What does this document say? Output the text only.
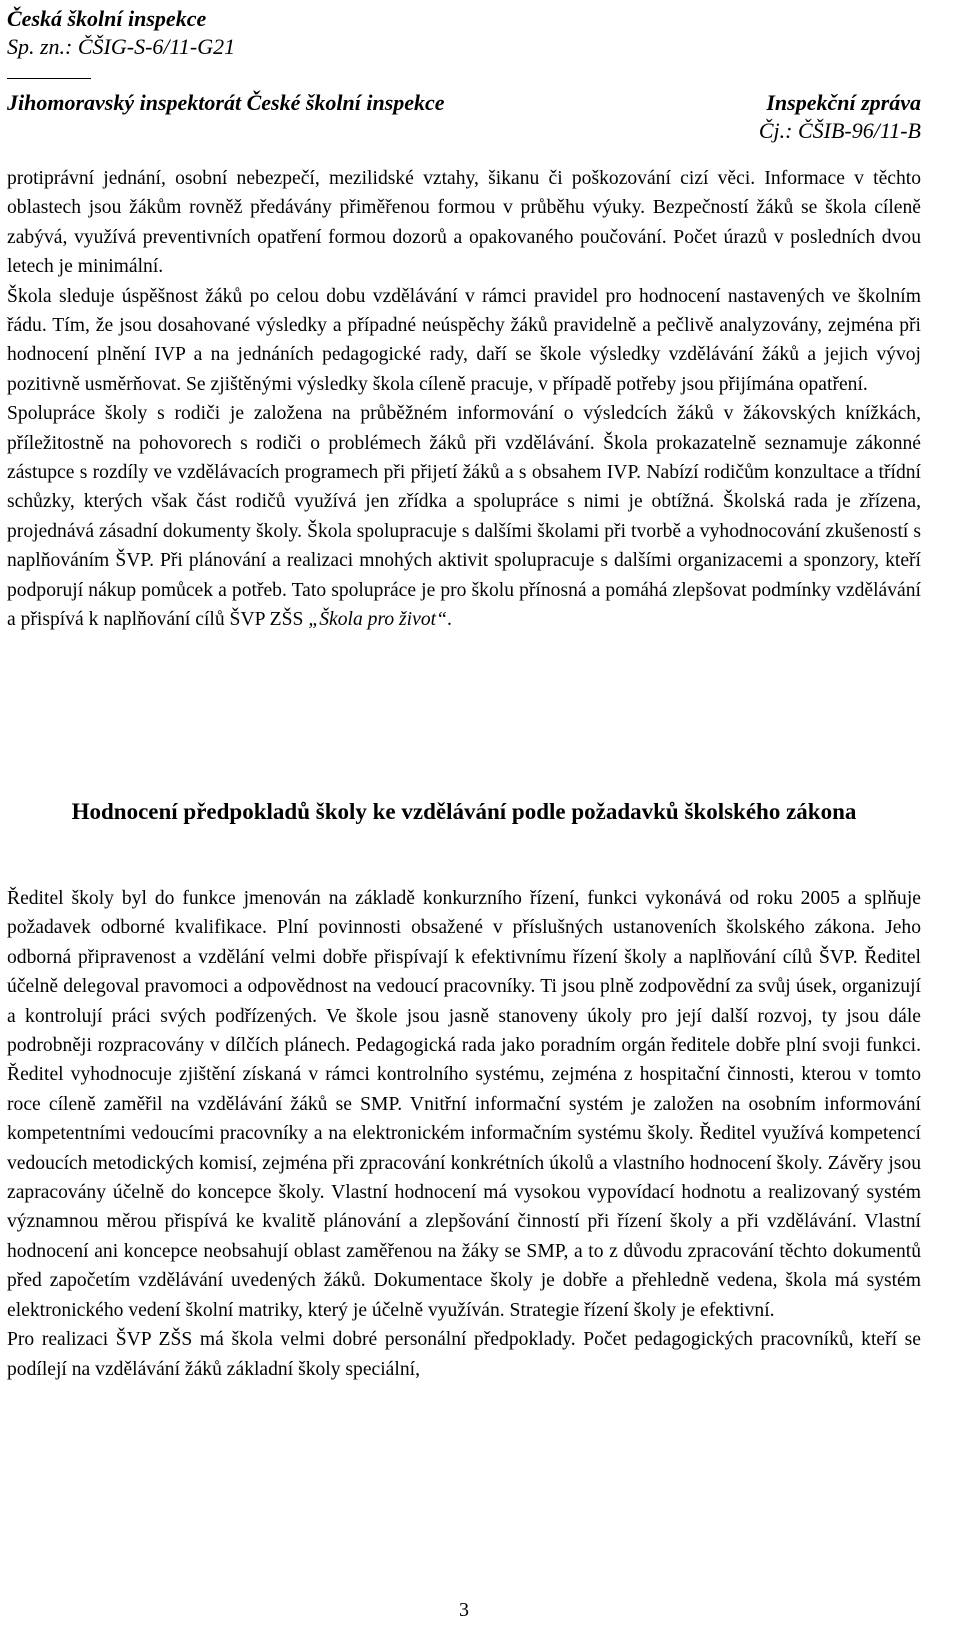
Česká školní inspekce
Sp. zn.: ČŠIG-S-6/11-G21
Jihomoravský inspektorát České školní inspekce	Inspekční zpráva
Čj.: ČŠIB-96/11-B

protiprávní jednání, osobní nebezpečí, mezilidské vztahy, šikanu či poškozování cizí věci. Informace v těchto oblastech jsou žákům rovněž předávány přiměřenou formou v průběhu výuky. Bezpečností žáků se škola cíleně zabývá, využívá preventivních opatření formou dozorů a opakovaného poučování. Počet úrazů v posledních dvou letech je minimální.

Škola sleduje úspěšnost žáků po celou dobu vzdělávání v rámci pravidel pro hodnocení nastavených ve školním řádu. Tím, že jsou dosahované výsledky a případné neúspěchy žáků pravidelně a pečlivě analyzovány, zejména při hodnocení plnění IVP a na jednáních pedagogické rady, daří se škole výsledky vzdělávání žáků a jejich vývoj pozitivně usměrňovat. Se zjištěnými výsledky škola cíleně pracuje, v případě potřeby jsou přijímána opatření.

Spolupráce školy s rodiči je založena na průběžném informování o výsledcích žáků v žákovských knížkách, příležitostně na pohovorech s rodiči o problémech žáků při vzdělávání. Škola prokazatelně seznamuje zákonné zástupce s rozdíly ve vzdělávacích programech při přijetí žáků a s obsahem IVP. Nabízí rodičům konzultace a třídní schůzky, kterých však část rodičů využívá jen zřídka a spolupráce s nimi je obtížná. Školská rada je zřízena, projednává zásadní dokumenty školy. Škola spolupracuje s dalšími školami při tvorbě a vyhodnocování zkušeností s naplňováním ŠVP. Při plánování a realizaci mnohých aktivit spolupracuje s dalšími organizacemi a sponzory, kteří podporují nákup pomůcek a potřeb. Tato spolupráce je pro školu přínosná a pomáhá zlepšovat podmínky vzdělávání a přispívá k naplňování cílů ŠVP ZŠS „Škola pro život“.

Hodnocení předpokladů školy ke vzdělávání podle požadavků školského zákona

Ředitel školy byl do funkce jmenován na základě konkurzního řízení, funkci vykonává od roku 2005 a splňuje požadavek odborné kvalifikace. Plní povinnosti obsažené v příslušných ustanoveních školského zákona. Jeho odborná připravenost a vzdělání velmi dobře přispívají k efektivnímu řízení školy a naplňování cílů ŠVP. Ředitel účelně delegoval pravomoci a odpovědnost na vedoucí pracovníky. Ti jsou plně zodpovědní za svůj úsek, organizují a kontrolují práci svých podřízených. Ve škole jsou jasně stanoveny úkoly pro její další rozvoj, ty jsou dále podrobněji rozpracovány v dílčích plánech. Pedagogická rada jako poradním orgán ředitele dobře plní svoji funkci. Ředitel vyhodnocuje zjištění získaná v rámci kontrolního systému, zejména z hospitační činnosti, kterou v tomto roce cíleně zaměřil na vzdělávání žáků se SMP. Vnitřní informační systém je založen na osobním informování kompetentními vedoucími pracovníky a na elektronickém informačním systému školy. Ředitel využívá kompetencí vedoucích metodických komisí, zejména při zpracování konkrétních úkolů a vlastního hodnocení školy. Závěry jsou zapracovány účelně do koncepce školy. Vlastní hodnocení má vysokou vypovídací hodnotu a realizovaný systém významnou měrou přispívá ke kvalitě plánování a zlepšování činností při řízení školy a při vzdělávání. Vlastní hodnocení ani koncepce neobsahují oblast zaměřenou na žáky se SMP, a to z důvodu zpracování těchto dokumentů před započetím vzdělávání uvedených žáků. Dokumentace školy je dobře a přehledně vedena, škola má systém elektronického vedení školní matriky, který je účelně využíván. Strategie řízení školy je efektivní.

Pro realizaci ŠVP ZŠS má škola velmi dobré personální předpoklady. Počet pedagogických pracovníků, kteří se podílejí na vzdělávání žáků základní školy speciální,

3
